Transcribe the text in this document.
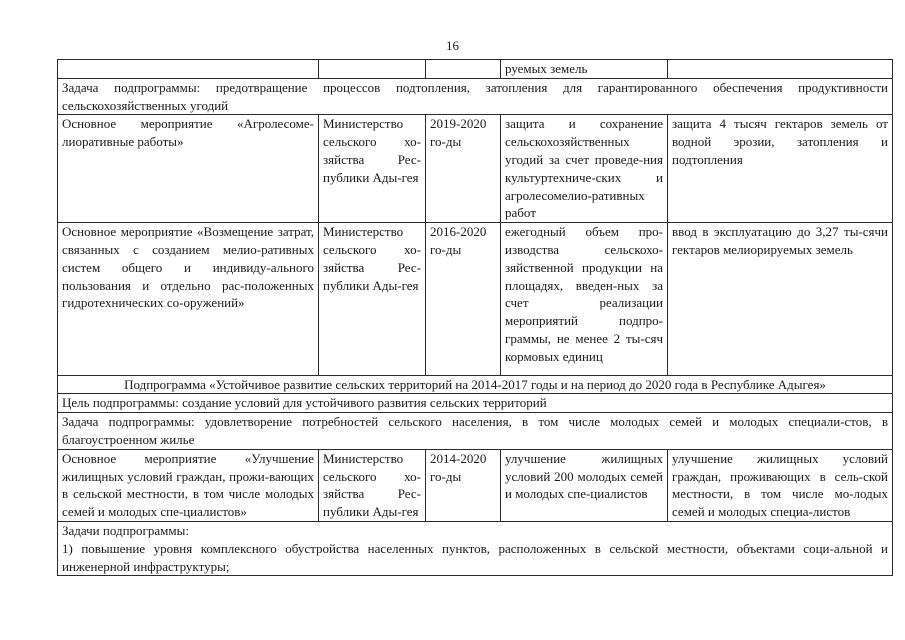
16
			руемых земель	
Задача подпрограммы: предотвращение процессов подтопления, затопления для гарантированного обеспечения продуктивности сельскохозяйственных угодий				
Основное мероприятие «Агролесоме-лиоративные работы»	Министерство сельского хо-зяйства Рес-публики Ады-гея	2019-2020 го-ды	защита и сохранение сельскохозяйственных угодий за счет проведе-ния культуртехниче-ских и агролесомелио-ративных работ	защита 4 тысяч гектаров земель от водной эрозии, затопления и подтопления
Основное мероприятие «Возмещение затрат, связанных с созданием мелио-ративных систем общего и индивиду-ального пользования и отдельно рас-положенных гидротехнических со-оружений»	Министерство сельского хо-зяйства Рес-публики Ады-гея	2016-2020 го-ды	ежегодный объем про-изводства сельскохо-зяйственной продукции на площадях, введен-ных за счет реализации мероприятий подпро-граммы, не менее 2 ты-сяч кормовых единиц	ввод в эксплуатацию до 3,27 ты-сячи гектаров мелиорируемых земель
Подпрограмма «Устойчивое развитие сельских территорий на 2014-2017 годы и на период до 2020 года в Республике Адыгея»				
Цель подпрограммы: создание условий для устойчивого развития сельских территорий				
Задача подпрограммы: удовлетворение потребностей сельского населения, в том числе молодых семей и молодых специали-стов, в благоустроенном жилье				
Основное мероприятие «Улучшение жилищных условий граждан, прожи-вающих в сельской местности, в том числе молодых семей и молодых спе-циалистов»	Министерство сельского хо-зяйства Рес-публики Ады-гея	2014-2020 го-ды	улучшение жилищных условий 200 молодых семей и молодых спе-циалистов	улучшение жилищных условий граждан, проживающих в сель-ской местности, в том числе мо-лодых семей и молодых специа-листов

Задачи подпрограммы:
1) повышение уровня комплексного обустройства населенных пунктов, расположенных в сельской местности, объектами соци-альной и инженерной инфраструктуры;				
